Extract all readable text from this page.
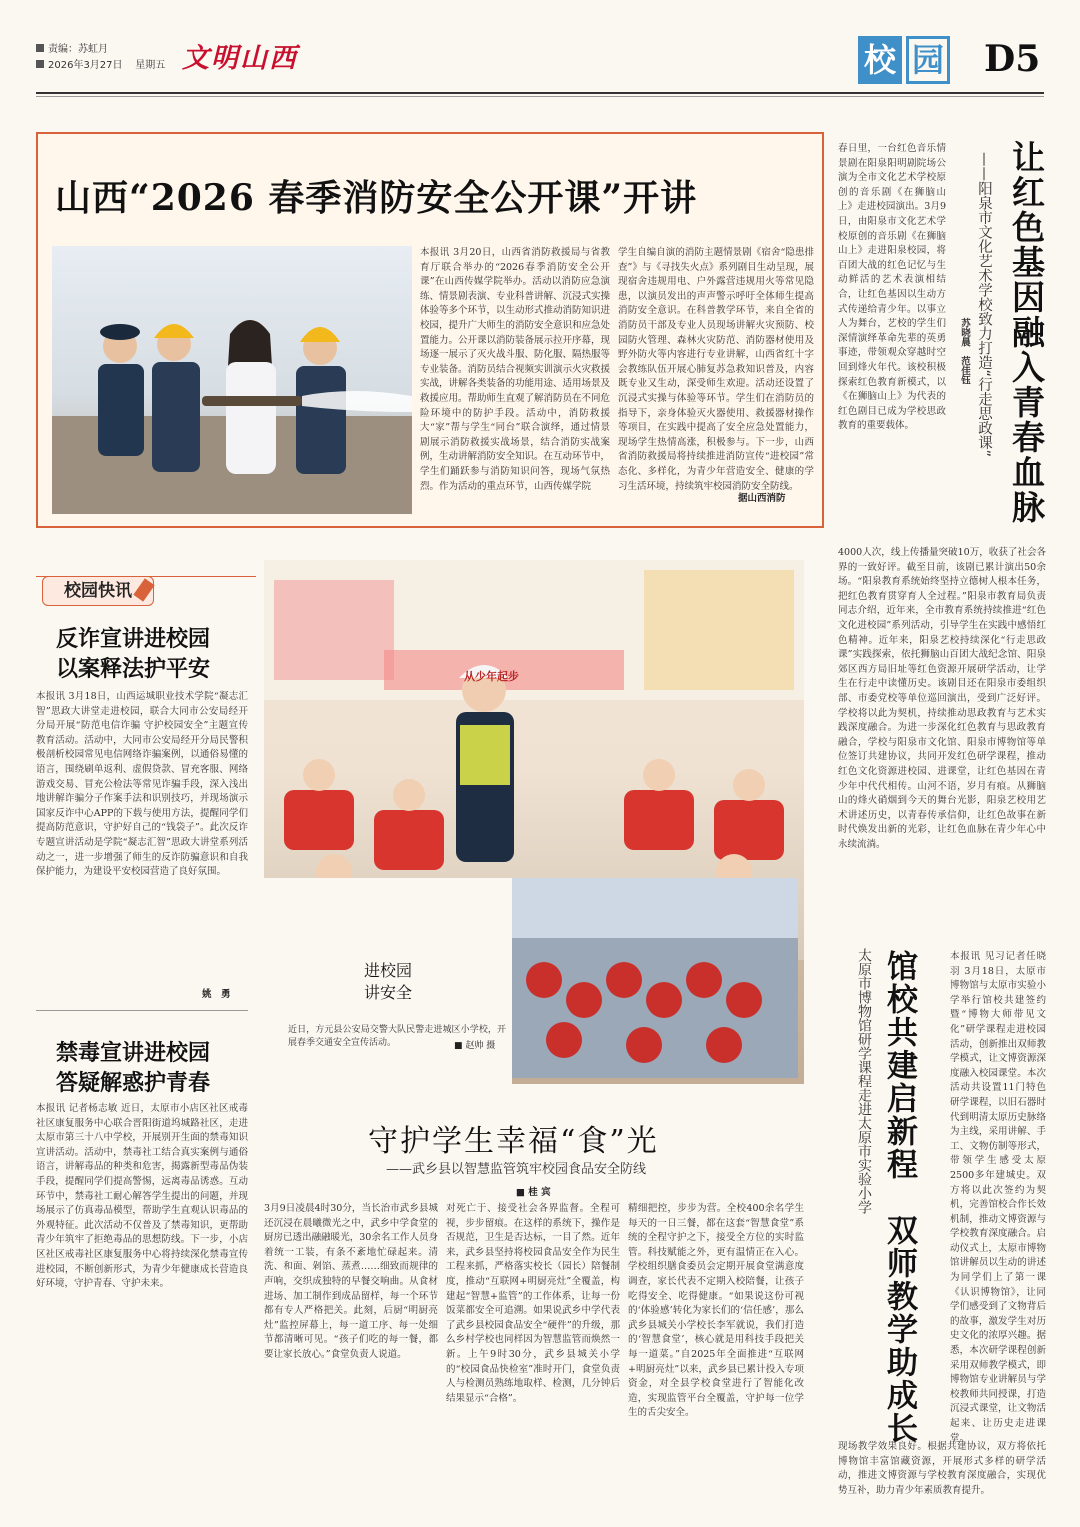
责编：苏虹月
2026年3月27日 星期五 文明山西	校 园 D5
山西“2026 春季消防安全公开课”开讲
本报讯 3月20日，山西省消防救援局与省教育厅联合举办的“2026春季消防安全公开课”在山西传媒学院举办。活动以消防应急演练、情景剧表演、专业科普讲解、沉浸式实操体验等多个环节，以生动形式推动消防知识进校园，提升广大师生的消防安全意识和应急处置能力。公开课以消防装备展示拉开序幕，现场逐一展示了灭火战斗服、防化服、隔热服等专业装备。消防员结合视频实训演示火灾救援实战，讲解各类装备的功能用途、适用场景及救援应用。帮助师生直观了解消防员在不同危险环境中的防护手段。活动中，消防救援大“家”帮与学生“同台”联合演绎，通过情景剧展示消防救援实战场景，结合消防实战案例，生动讲解消防安全知识。在互动环节中，学生们踊跃参与消防知识问答，现场气氛热烈。作为活动的重点环节，山西传媒学院
学生自编自演的消防主题情景剧《宿舍“隐患排查”》与《寻找失火点》系列剧目生动呈现，展现宿舍违规用电、户外露营违规用火等常见隐患，以演员发出的声声警示呼吁全体师生提高消防安全意识。在科普教学环节，来自全省的消防员干部及专业人员现场讲解火灾预防、校园防火管理、森林火灾防范、消防器材使用及野外防火等内容进行专业讲解，山西省红十字会教练队伍开展心肺复苏急救知识普及，内容既专业又生动，深受师生欢迎。活动还设置了沉浸式实操与体验等环节。学生们在消防员的指导下，亲身体验灭火器使用、救援器材操作等项目，在实践中提高了安全应急处置能力，现场学生热情高涨，积极参与。下一步，山西省消防救援局将持续推进消防宣传“进校园”常态化、多样化，为青少年营造安全、健康的学习生活环境，持续筑牢校园消防安全防线。
据山西消防	让红色基因融入青春血脉
——阳泉市文化艺术学校致力打造“行走思政课”
苏晓晨　范佳钰
春日里，一台红色音乐情景剧在阳泉阳明剧院场公演为全市文化艺术学校原创的音乐剧《在狮脑山上》走进校园演出。3月9日，由阳泉市文化艺术学校原创的音乐剧《在狮脑山上》走进阳泉校园，将百团大战的红色记忆与生动鲜活的艺术表演相结合，让红色基因以生动方式传递给青少年。以事立人为舞台，艺校的学生们深情演绎革命先辈的英勇事迹，带领观众穿越时空回到烽火年代。该校积极探索红色教育新模式，以《在狮脑山上》为代表的红色剧目已成为学校思政教育的重要载体。
4000人次，线上传播量突破10万，收获了社会各界的一致好评。截至目前，该剧已累计演出50余场。“阳泉教育系统始终坚持立德树人根本任务，把红色教育贯穿育人全过程。”阳泉市教育局负责同志介绍，近年来，全市教育系统持续推进“红色文化进校园”系列活动，引导学生在实践中感悟红色精神。近年来，阳泉艺校持续深化“行走思政课”实践探索，依托狮脑山百团大战纪念馆、阳泉郊区西方局旧址等红色资源开展研学活动，让学生在行走中读懂历史。该剧目还在阳泉市委组织部、市委党校等单位巡回演出，受到广泛好评。学校将以此为契机，持续推动思政教育与艺术实践深度融合。为进一步深化红色教育与思政教育融合，学校与阳泉市文化馆、阳泉市博物馆等单位签订共建协议，共同开发红色研学课程，推动红色文化资源进校园、进课堂，让红色基因在青少年中代代相传。山河不语，岁月有痕。从狮脑山的烽火硝烟到今天的舞台光影，阳泉艺校用艺术讲述历史，以青春传承信仰，让红色故事在新时代焕发出新的光彩，让红色血脉在青少年心中永续流淌。
校园快讯
反诈宣讲进校园
以案释法护平安
本报讯 3月18日，山西运城职业技术学院“凝志汇智”思政大讲堂走进校园，联合大同市公安局经开分局开展“防范电信诈骗 守护校园安全”主题宣传教育活动。活动中，大同市公安局经开分局民警积极剖析校园常见电信网络诈骗案例，以通俗易懂的语言，围绕刷单返利、虚假贷款、冒充客服、网络游戏交易、冒充公检法等常见诈骗手段，深入浅出地讲解诈骗分子作案手法和识别技巧，并现场演示国家反诈中心APP的下载与使用方法，提醒同学们提高防范意识，守护好自己的“钱袋子”。此次反诈专题宣讲活动是学院“凝志汇智”思政大讲堂系列活动之一，进一步增强了师生的反诈防骗意识和自我保护能力，为建设平安校园营造了良好氛围。
姚　勇
禁毒宣讲进校园
答疑解惑护青春
本报讯 记者杨志敏 近日，太原市小店区社区戒毒社区康复服务中心联合晋阳街道坞城路社区，走进太原市第三十八中学校，开展别开生面的禁毒知识宣讲活动。活动中，禁毒社工结合真实案例与通俗语言，讲解毒品的种类和危害，揭露新型毒品伪装手段，提醒同学们提高警惕，远离毒品诱惑。互动环节中，禁毒社工耐心解答学生提出的问题，并现场展示了仿真毒品模型，帮助学生直观认识毒品的外观特征。此次活动不仅普及了禁毒知识，更帮助青少年筑牢了拒绝毒品的思想防线。下一步，小店区社区戒毒社区康复服务中心将持续深化禁毒宣传进校园，不断创新形式，为青少年健康成长营造良好环境，守护青春、守护未来。
从少年起步
进校园
讲安全
近日，方元县公安局交警大队民警走进城区小学校，开展春季交通安全宣传活动。	■ 赵帅 摄
守护学生幸福“食”光
——武乡县以智慧监管筑牢校园食品安全防线
■ 桂 宾
3月9日凌晨4时30分，当长治市武乡县城还沉浸在晨曦微光之中，武乡中学食堂的厨房已透出融融暖光，30余名工作人员身着统一工装，有条不紊地忙碌起来。清洗、和面、剁馅、蒸煮……细致而规律的声响，交织成独特的早餐交响曲。从食材进场、加工制作到成品留样，每一个环节都有专人严格把关。此刻，后厨“明厨亮灶”监控屏幕上，每一道工序、每一处细节都清晰可见。“孩子们吃的每一餐，都要让家长放心。”食堂负责人说道。
对死亡于、接受社会各界监督。全程可视，步步留痕。在这样的系统下，操作是否规范，卫生是否达标，一目了然。近年来，武乡县坚持将校园食品安全作为民生工程来抓，严格落实校长（园长）陪餐制度，推动“互联网+明厨亮灶”全覆盖，构建起“智慧+监管”的工作体系，让每一份饭菜都安全可追溯。如果说武乡中学代表了武乡县校园食品安全“硬件”的升级，那么乡村学校也同样因为智慧监管而焕然一新。上午9时30分，武乡县城关小学的“校园食品快检室”准时开门，食堂负责人与检测员熟练地取样、检测，几分钟后结果显示“合格”。
精细把控，步步为营。全校400余名学生每天的一日三餐，都在这套“智慧食堂”系统的全程守护之下，接受全方位的实时监管。科技赋能之外，更有温情正在入心。学校组织膳食委员会定期开展食堂满意度调查，家长代表不定期入校陪餐，让孩子吃得安全、吃得健康。“如果说这份可视的‘体验感’转化为家长们的‘信任感’，那么武乡县城关小学校长李军就说，我们打造的‘智慧食堂’，核心就是用科技手段把关每一道菜。”自2025年全面推进“互联网+明厨亮灶”以来，武乡县已累计投入专项资金，对全县学校食堂进行了智能化改造，实现监管平台全覆盖，守护每一位学生的舌尖安全。	馆校共建启新程　双师教学助成长
太原市博物馆研学课程走进太原市实验小学	本报讯 见习记者任晓羽 3月18日，太原市博物馆与太原市实验小学举行馆校共建签约暨“博物大师带见文化”研学课程走进校园活动，创新推出双师教学模式，让文博资源深度融入校园课堂。本次活动共设置11门特色研学课程，以旧石器时代到明清太原历史脉络为主线，采用讲解、手工、文物仿制等形式，带领学生感受太原2500多年建城史。双方将以此次签约为契机，完善馆校合作长效机制，推动文博资源与学校教育深度融合。启动仪式上，太原市博物馆讲解员以生动的讲述为同学们上了第一课《认识博物馆》，让同学们感受到了文物背后的故事，激发学生对历史文化的浓厚兴趣。据悉，本次研学课程创新采用双师教学模式，即博物馆专业讲解员与学校教师共同授课，打造沉浸式课堂，让文物活起来、让历史走进课堂。
现场教学效果良好。根据共建协议，双方将依托博物馆丰富馆藏资源，开展形式多样的研学活动，推进文博资源与学校教育深度融合，实现优势互补，助力青少年素质教育提升。
